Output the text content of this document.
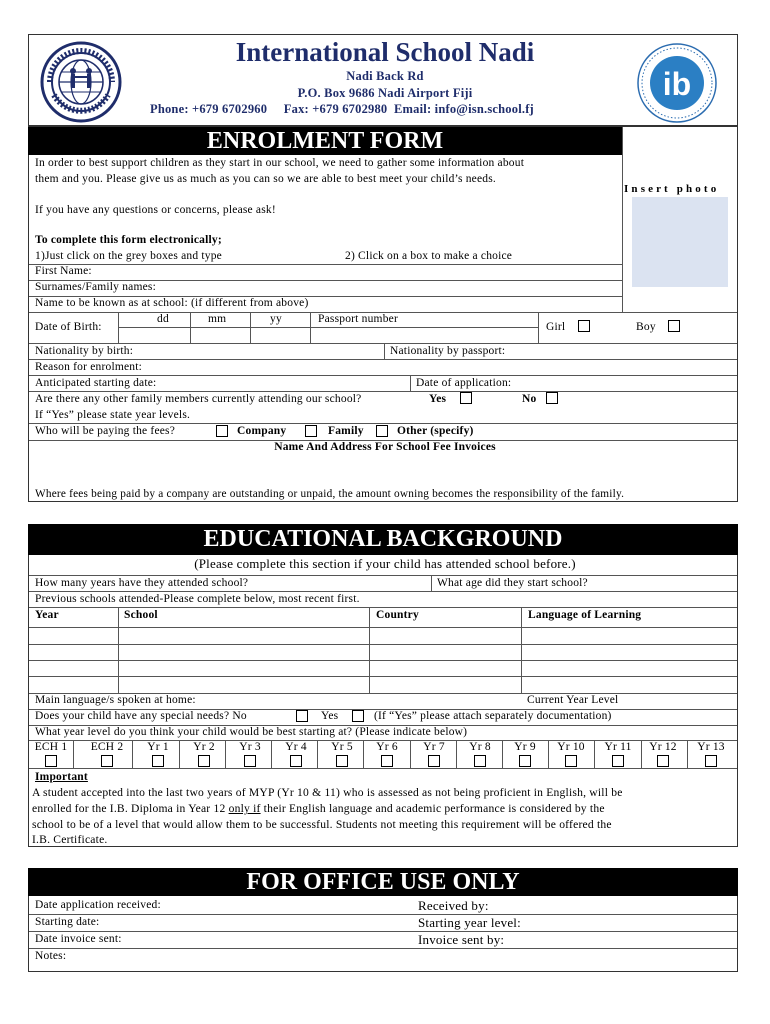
International School Nadi
Nadi Back Rd
P.O. Box 9686 Nadi Airport Fiji
Phone: +679 6702960     Fax: +679 6702980  Email: info@isn.school.fj
ib
ENROLMENT FORM
In order to best support children as they start in our school, we need to gather some information about
them and you. Please give us as much as you can so we are able to best meet your child’s needs.
I n s e r t   p h o t o
If you have any questions or concerns, please ask!
To complete this form electronically;
1)Just click on the grey boxes and type	2) Click on a box to make a choice
First Name:
Surnames/Family names:
Name to be known as at school: (if different from above)
Date of Birth:
dd	mm	yy	Passport number
Girl	Boy
Nationality by birth:	Nationality by passport:
Reason for enrolment:
Anticipated starting date:	Date of application:
Are there any other family members currently attending our school?	Yes	No
If “Yes” please state year levels.
Who will be paying the fees?	Company	Family	Other (specify)
Name And Address For School Fee Invoices
Where fees being paid by a company are outstanding or unpaid, the amount owning becomes the responsibility of the family.
EDUCATIONAL BACKGROUND
(Please complete this section if your child has attended school before.)
How many years have they attended school?	What age did they start school?
Previous schools attended-Please complete below, most recent first.
Year	School	Country	Language of Learning
Main language/s spoken at home:	Current Year Level
Does your child have any special needs? No	Yes	(If “Yes” please attach separately documentation)
What year level do you think your child would be best starting at? (Please indicate below)
ECH 1	ECH 2	Yr 1	Yr 2	Yr 3	Yr 4	Yr 5	Yr 6	Yr 7	Yr 8	Yr 9	Yr 10	Yr 11	Yr 12	Yr 13
Important
A student accepted into the last two years of MYP (Yr 10 & 11) who is assessed as not being proficient in English, will be
enrolled for the I.B. Diploma in Year 12 only if their English language and academic performance is considered by the
school to be of a level that would allow them to be successful. Students not meeting this requirement will be offered the
I.B. Certificate.
FOR OFFICE USE ONLY
Date application received:	Received by:
Starting date:	Starting year level:
Date invoice sent:	Invoice sent by:
Notes:
